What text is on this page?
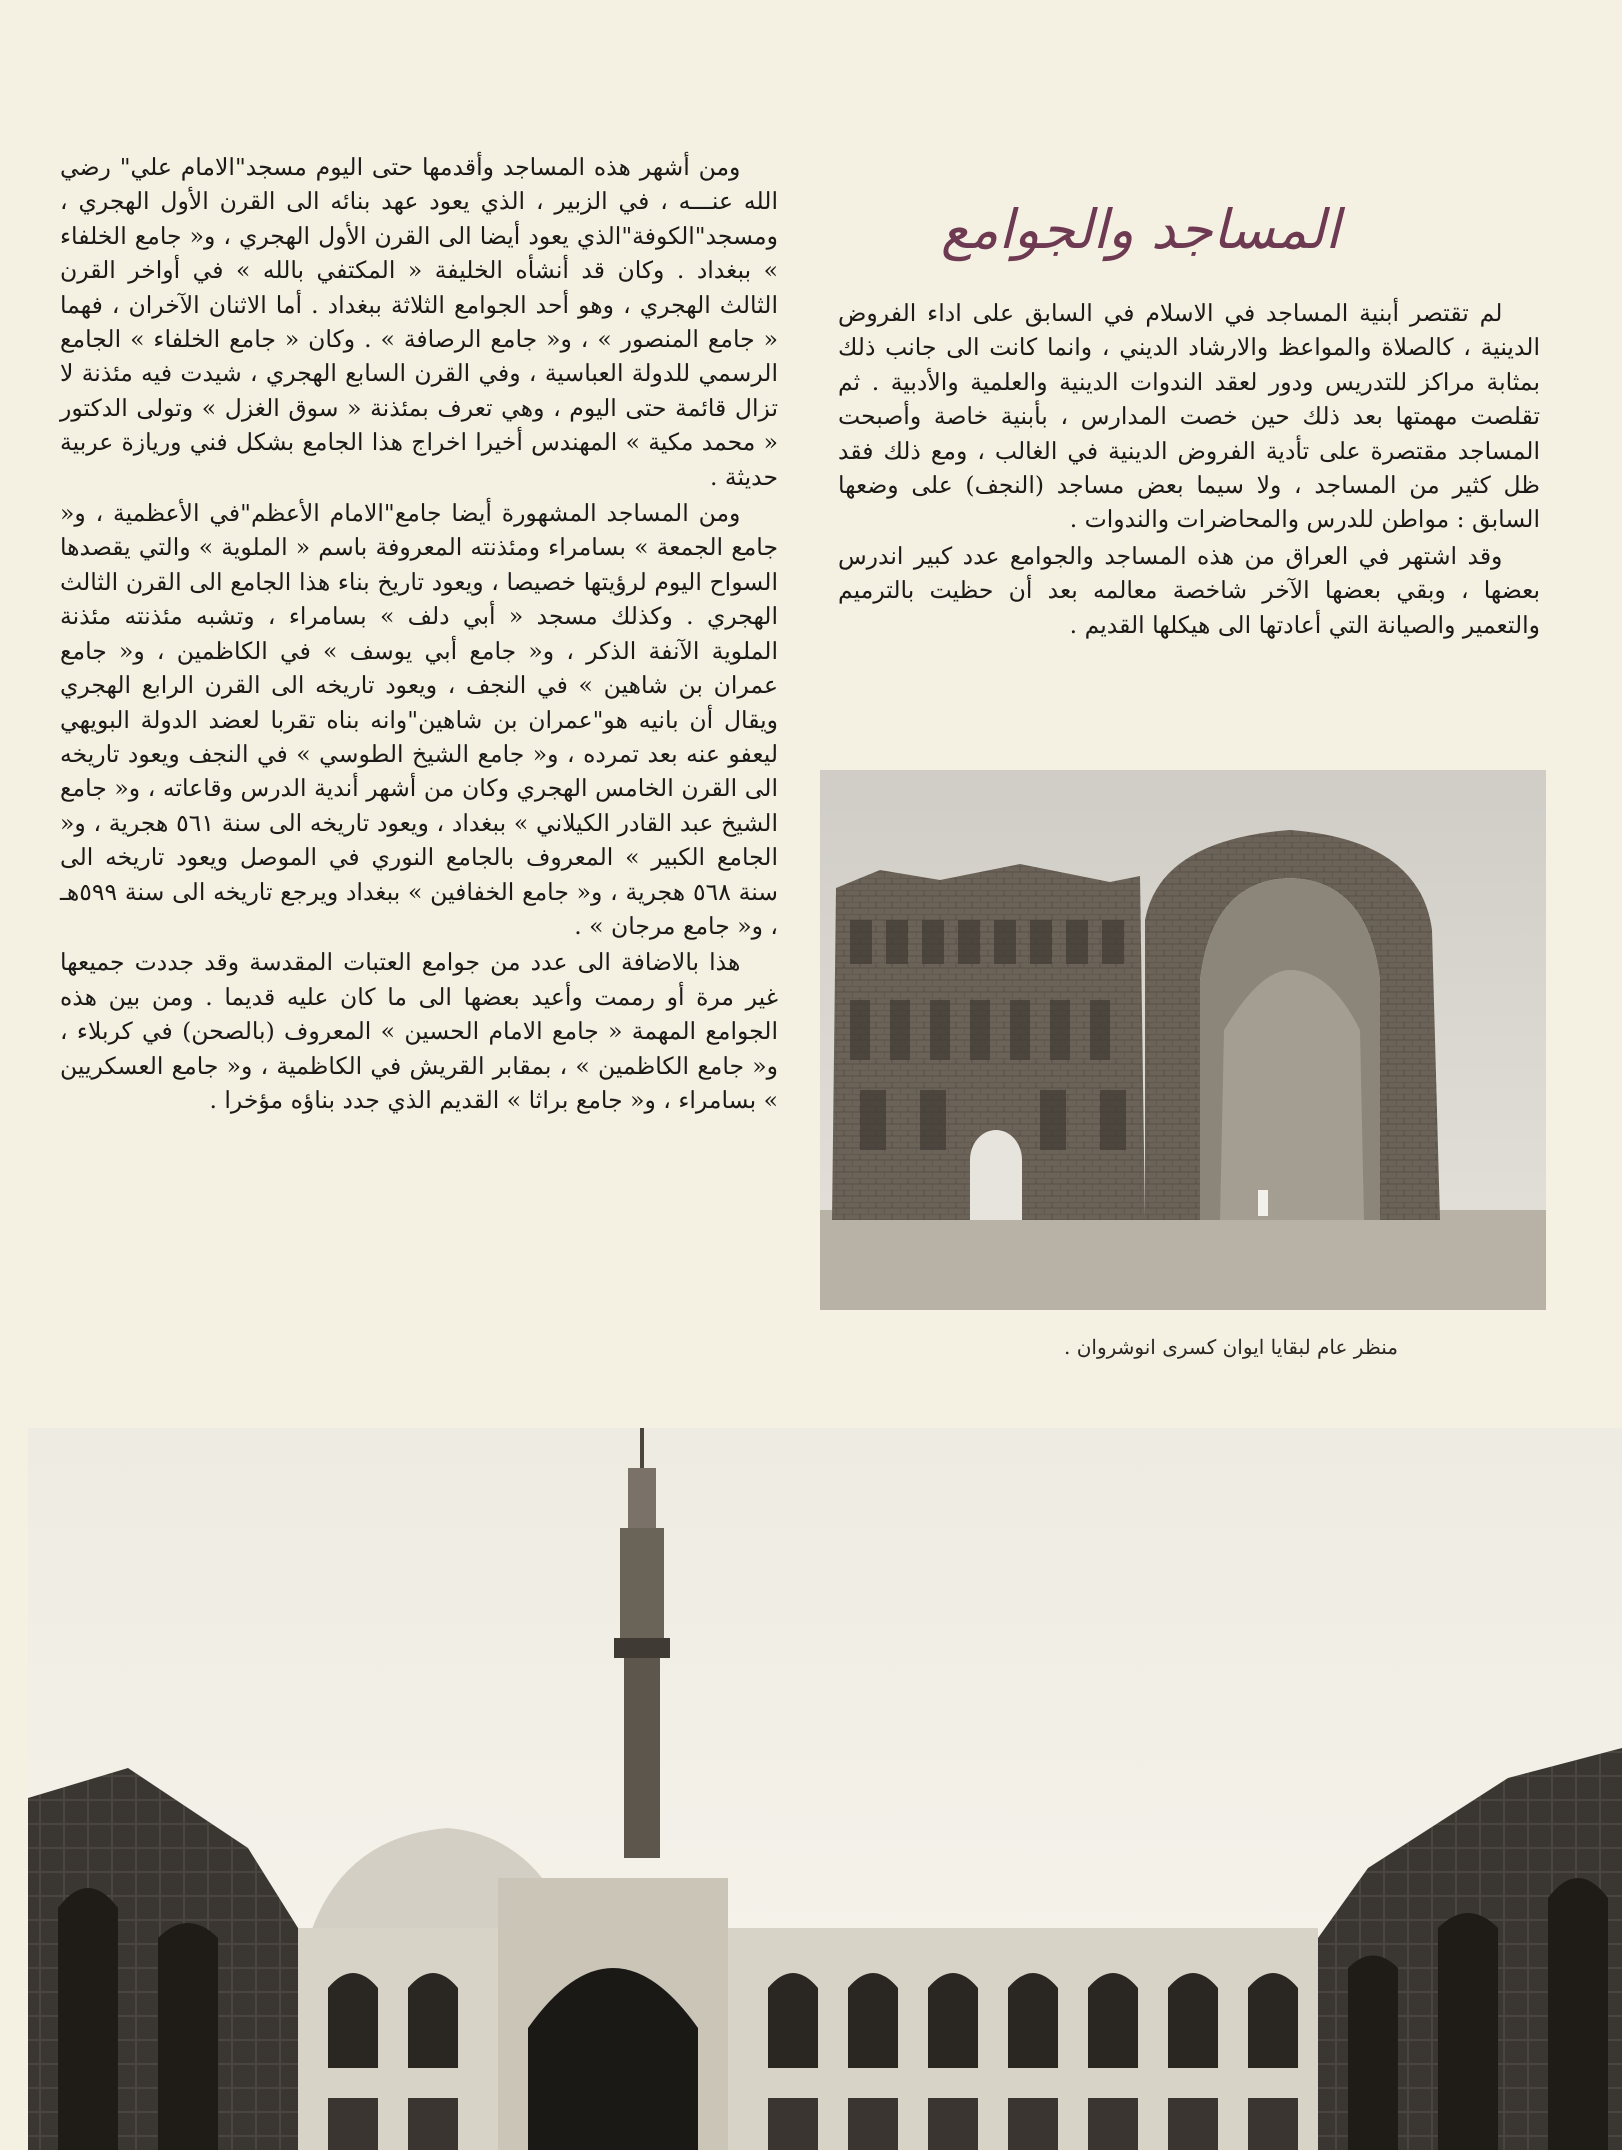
المساجد والجوامع

لم تقتصر أبنية المساجد في الاسلام في السابق على اداء الفروض الدينية ، كالصلاة والمواعظ والارشاد الديني ، وانما كانت الى جانب ذلك بمثابة مراكز للتدريس ودور لعقد الندوات الدينية والعلمية والأدبية . ثم تقلصت مهمتها بعد ذلك حين خصت المدارس ، بأبنية خاصة وأصبحت المساجد مقتصرة على تأدية الفروض الدينية في الغالب ، ومع ذلك فقد ظل كثير من المساجد ، ولا سيما بعض مساجد (النجف) على وضعها السابق : مواطن للدرس والمحاضرات والندوات .

وقد اشتهر في العراق من هذه المساجد والجوامع عدد كبير اندرس بعضها ، وبقي بعضها الآخر شاخصة معالمه بعد أن حظيت بالترميم والتعمير والصيانة التي أعادتها الى هيكلها القديم .

ومن أشهر هذه المساجد وأقدمها حتى اليوم مسجد"الامام علي" رضي الله عنـــه ، في الزبير ، الذي يعود عهد بنائه الى القرن الأول الهجري ، ومسجد"الكوفة"الذي يعود أيضا الى القرن الأول الهجري ، و« جامع الخلفاء » ببغداد . وكان قد أنشأه الخليفة « المكتفي بالله » في أواخر القرن الثالث الهجري ، وهو أحد الجوامع الثلاثة ببغداد . أما الاثنان الآخران ، فهما « جامع المنصور » ، و« جامع الرصافة » . وكان « جامع الخلفاء » الجامع الرسمي للدولة العباسية ، وفي القرن السابع الهجري ، شيدت فيه مئذنة لا تزال قائمة حتى اليوم ، وهي تعرف بمئذنة « سوق الغزل » وتولى الدكتور « محمد مكية » المهندس أخيرا اخراج هذا الجامع بشكل فني وريازة عربية حديثة .

ومن المساجد المشهورة أيضا جامع"الامام الأعظم"في الأعظمية ، و« جامع الجمعة » بسامراء ومئذنته المعروفة باسم « الملوية » والتي يقصدها السواح اليوم لرؤيتها خصيصا ، ويعود تاريخ بناء هذا الجامع الى القرن الثالث الهجري . وكذلك مسجد « أبي دلف » بسامراء ، وتشبه مئذنته مئذنة الملوية الآنفة الذكر ، و« جامع أبي يوسف » في الكاظمين ، و« جامع عمران بن شاهين » في النجف ، ويعود تاريخه الى القرن الرابع الهجري ويقال أن بانيه هو"عمران بن شاهين"وانه بناه تقربا لعضد الدولة البويهي ليعفو عنه بعد تمرده ، و« جامع الشيخ الطوسي » في النجف ويعود تاريخه الى القرن الخامس الهجري وكان من أشهر أندية الدرس وقاعاته ، و« جامع الشيخ عبد القادر الكيلاني » ببغداد ، ويعود تاريخه الى سنة ٥٦١ هجرية ، و« الجامع الكبير » المعروف بالجامع النوري في الموصل ويعود تاريخه الى سنة ٥٦٨ هجرية ، و« جامع الخفافين » ببغداد ويرجع تاريخه الى سنة ٥٩٩هـ ، و« جامع مرجان » .

هذا بالاضافة الى عدد من جوامع العتبات المقدسة وقد جددت جميعها غير مرة أو رممت وأعيد بعضها الى ما كان عليه قديما . ومن بين هذه الجوامع المهمة « جامع الامام الحسين » المعروف (بالصحن) في كربلاء ، و« جامع الكاظمين » ، بمقابر القريش في الكاظمية ، و« جامع العسكريين » بسامراء ، و« جامع براثا » القديم الذي جدد بناؤه مؤخرا .

منظر عام لبقايا ايوان كسرى انوشروان .
